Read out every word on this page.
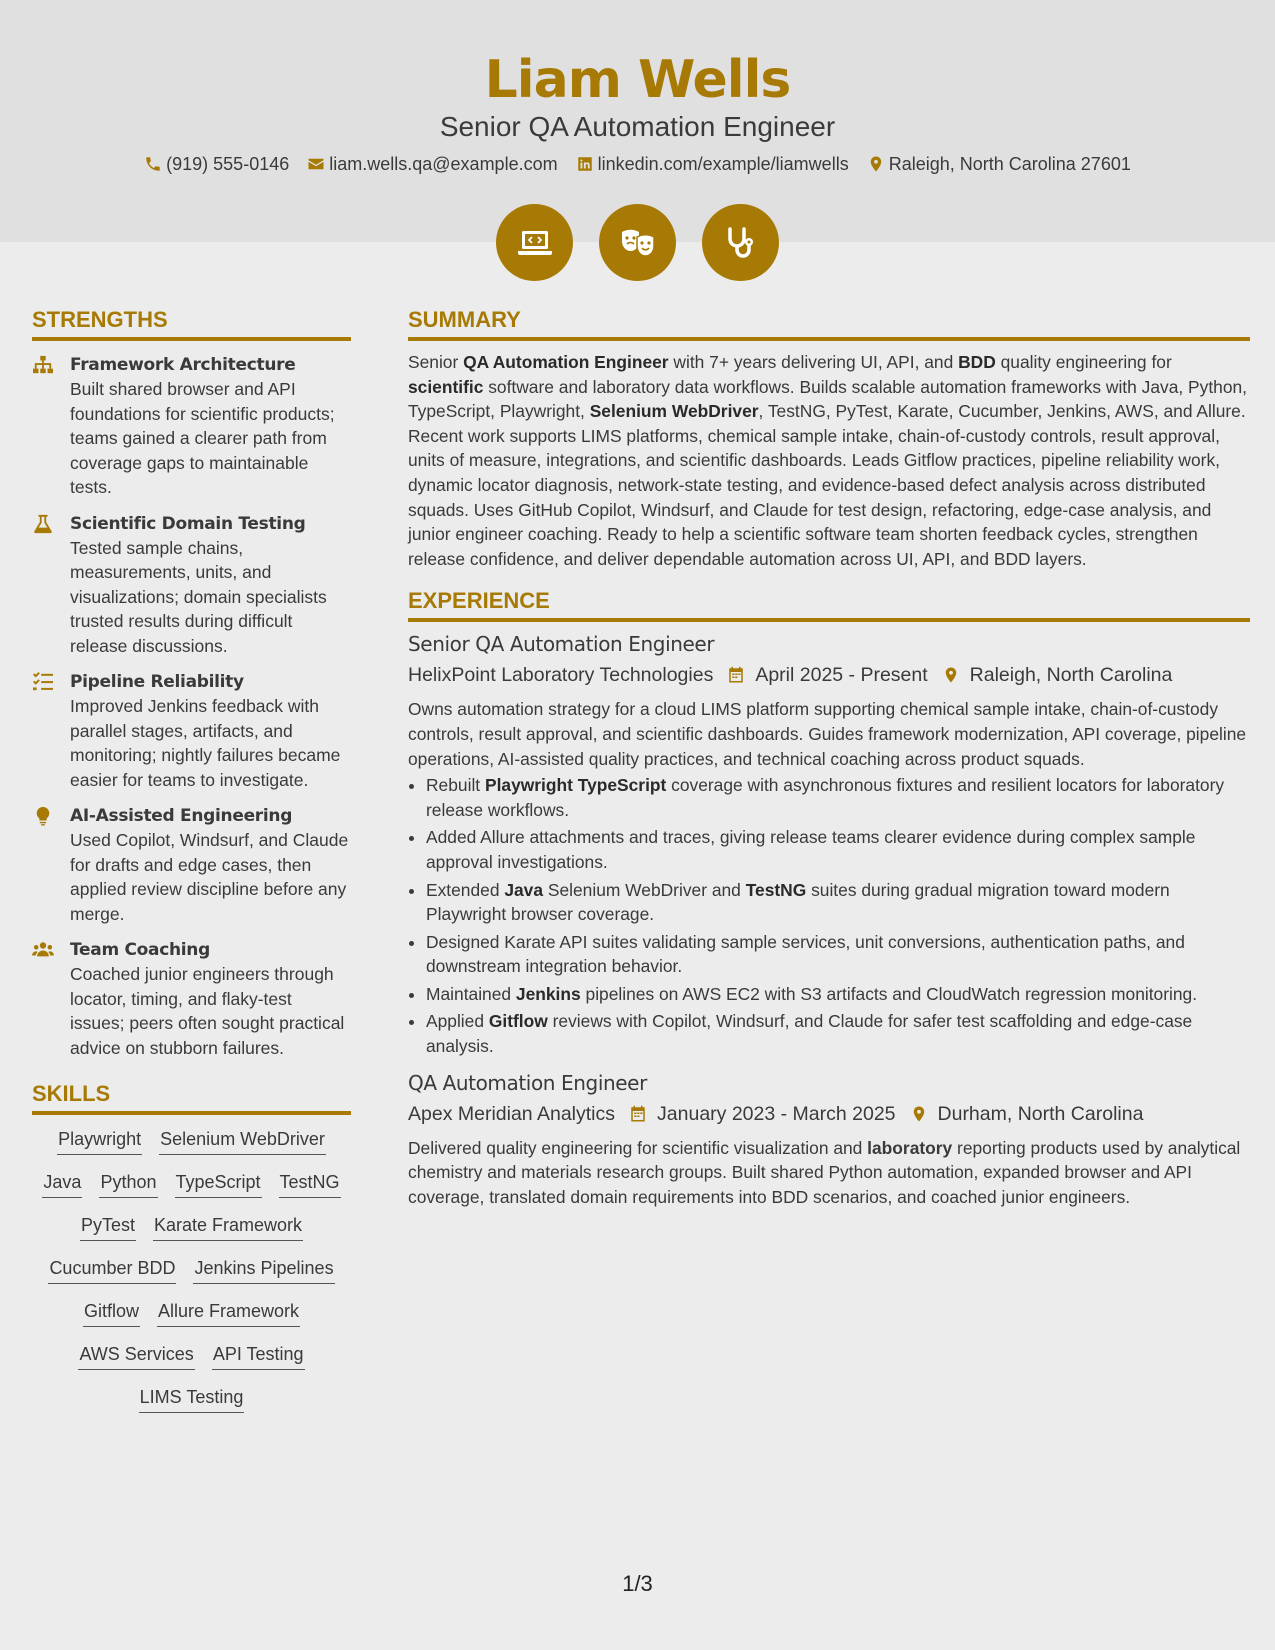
Liam Wells
Senior QA Automation Engineer
(919) 555-0146 liam.wells.qa@example.com linkedin.com/example/liamwells Raleigh, North Carolina 27601
STRENGTHS
Framework Architecture
Built shared browser and API foundations for scientific products; teams gained a clearer path from coverage gaps to maintainable tests.
Scientific Domain Testing
Tested sample chains, measurements, units, and visualizations; domain specialists trusted results during difficult release discussions.
Pipeline Reliability
Improved Jenkins feedback with parallel stages, artifacts, and monitoring; nightly failures became easier for teams to investigate.
AI-Assisted Engineering
Used Copilot, Windsurf, and Claude for drafts and edge cases, then applied review discipline before any merge.
Team Coaching
Coached junior engineers through locator, timing, and flaky-test issues; peers often sought practical advice on stubborn failures.
SKILLS
Playwright Selenium WebDriver
Java Python TypeScript TestNG
PyTest Karate Framework
Cucumber BDD Jenkins Pipelines
Gitflow Allure Framework
AWS Services API Testing
LIMS Testing
SUMMARY
Senior QA Automation Engineer with 7+ years delivering UI, API, and BDD quality engineering for scientific software and laboratory data workflows. Builds scalable automation frameworks with Java, Python, TypeScript, Playwright, Selenium WebDriver, TestNG, PyTest, Karate, Cucumber, Jenkins, AWS, and Allure. Recent work supports LIMS platforms, chemical sample intake, chain-of-custody controls, result approval, units of measure, integrations, and scientific dashboards. Leads Gitflow practices, pipeline reliability work, dynamic locator diagnosis, network-state testing, and evidence-based defect analysis across distributed squads. Uses GitHub Copilot, Windsurf, and Claude for test design, refactoring, edge-case analysis, and junior engineer coaching. Ready to help a scientific software team shorten feedback cycles, strengthen release confidence, and deliver dependable automation across UI, API, and BDD layers.
EXPERIENCE
Senior QA Automation Engineer
HelixPoint Laboratory Technologies April 2025 - Present Raleigh, North Carolina
Owns automation strategy for a cloud LIMS platform supporting chemical sample intake, chain-of-custody controls, result approval, and scientific dashboards. Guides framework modernization, API coverage, pipeline operations, AI-assisted quality practices, and technical coaching across product squads.
• Rebuilt Playwright TypeScript coverage with asynchronous fixtures and resilient locators for laboratory release workflows.
• Added Allure attachments and traces, giving release teams clearer evidence during complex sample approval investigations.
• Extended Java Selenium WebDriver and TestNG suites during gradual migration toward modern Playwright browser coverage.
• Designed Karate API suites validating sample services, unit conversions, authentication paths, and downstream integration behavior.
• Maintained Jenkins pipelines on AWS EC2 with S3 artifacts and CloudWatch regression monitoring.
• Applied Gitflow reviews with Copilot, Windsurf, and Claude for safer test scaffolding and edge-case analysis.
QA Automation Engineer
Apex Meridian Analytics January 2023 - March 2025 Durham, North Carolina
Delivered quality engineering for scientific visualization and laboratory reporting products used by analytical chemistry and materials research groups. Built shared Python automation, expanded browser and API coverage, translated domain requirements into BDD scenarios, and coached junior engineers.
1/3
